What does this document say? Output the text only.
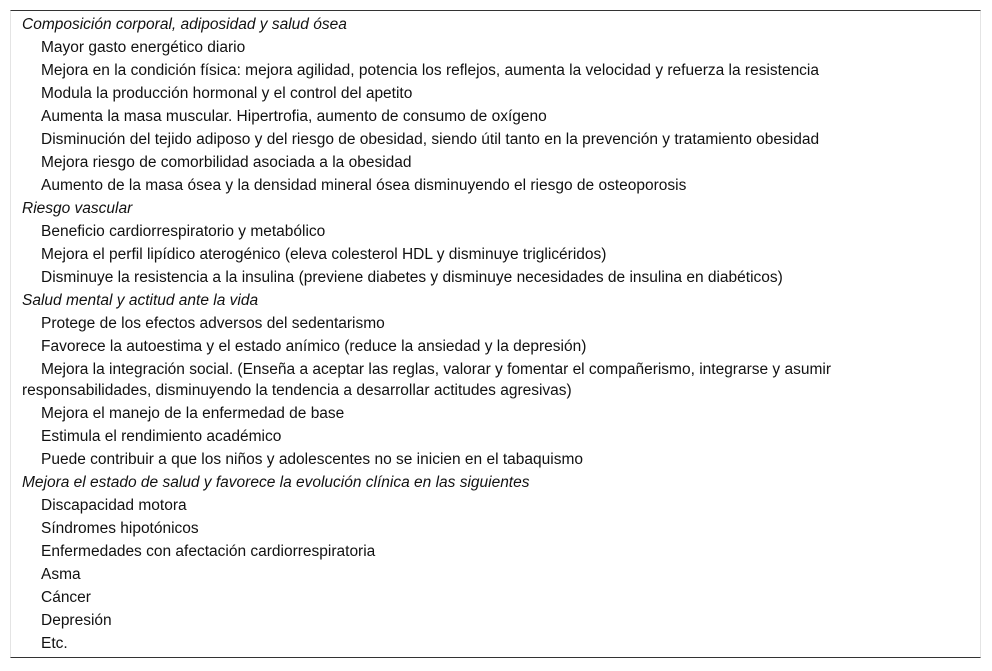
Composición corporal, adiposidad y salud ósea
Mayor gasto energético diario
Mejora en la condición física: mejora agilidad, potencia los reflejos, aumenta la velocidad y refuerza la resistencia
Modula la producción hormonal y el control del apetito
Aumenta la masa muscular. Hipertrofia, aumento de consumo de oxígeno
Disminución del tejido adiposo y del riesgo de obesidad, siendo útil tanto en la prevención y tratamiento obesidad
Mejora riesgo de comorbilidad asociada a la obesidad
Aumento de la masa ósea y la densidad mineral ósea disminuyendo el riesgo de osteoporosis
Riesgo vascular
Beneficio cardiorrespiratorio y metabólico
Mejora el perfil lipídico aterogénico (eleva colesterol HDL y disminuye triglicéridos)
Disminuye la resistencia a la insulina (previene diabetes y disminuye necesidades de insulina en diabéticos)
Salud mental y actitud ante la vida
Protege de los efectos adversos del sedentarismo
Favorece la autoestima y el estado anímico (reduce la ansiedad y la depresión)
Mejora la integración social. (Enseña a aceptar las reglas, valorar y fomentar el compañerismo, integrarse y asumir responsabilidades, disminuyendo la tendencia a desarrollar actitudes agresivas)
Mejora el manejo de la enfermedad de base
Estimula el rendimiento académico
Puede contribuir a que los niños y adolescentes no se inicien en el tabaquismo
Mejora el estado de salud y favorece la evolución clínica en las siguientes
Discapacidad motora
Síndromes hipotónicos
Enfermedades con afectación cardiorrespiratoria
Asma
Cáncer
Depresión
Etc.
